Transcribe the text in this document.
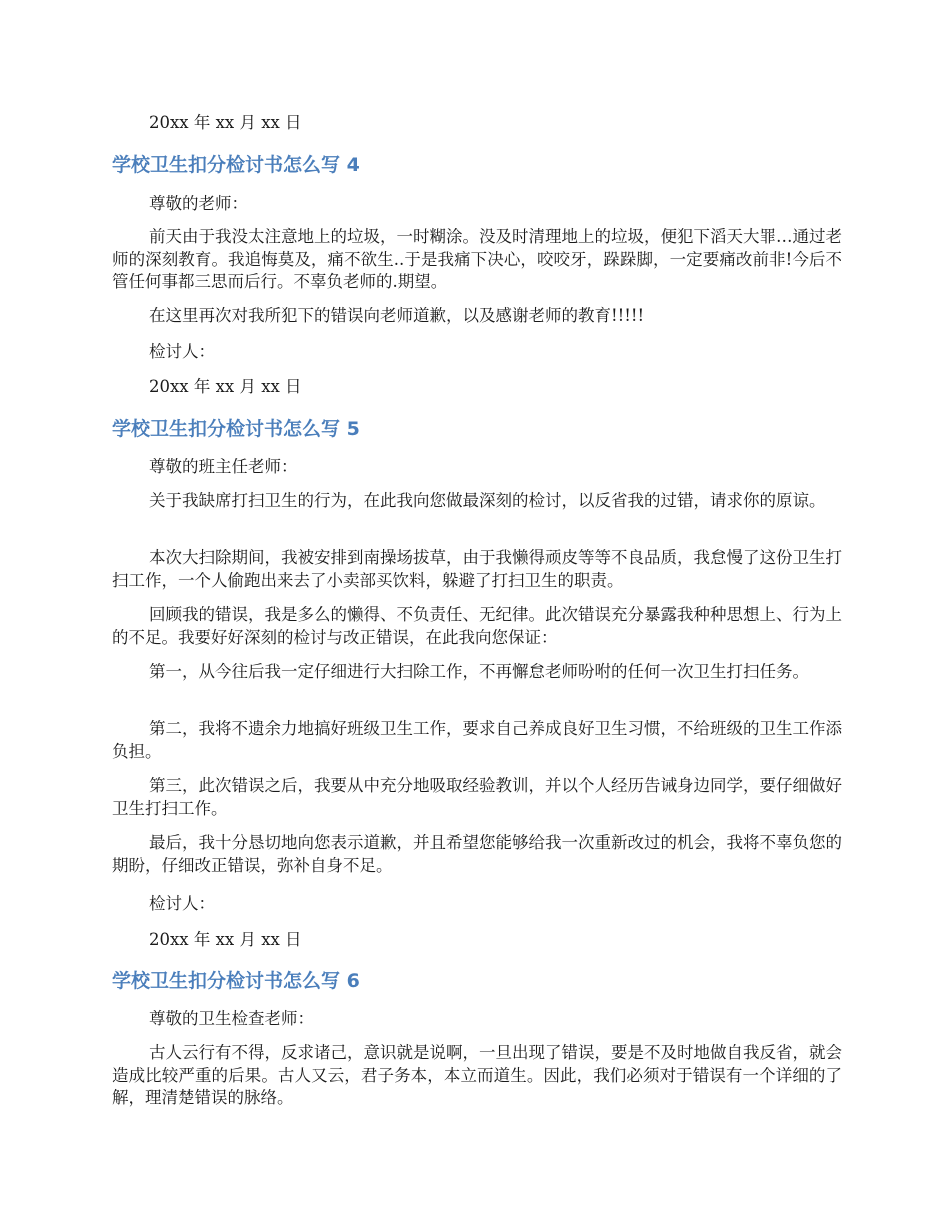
20xx 年 xx 月 xx 日
学校卫生扣分检讨书怎么写 4
尊敬的老师：
前天由于我没太注意地上的垃圾，一时糊涂。没及时清理地上的垃圾，便犯下滔天大罪…通过老师的深刻教育。我追悔莫及，痛不欲生..于是我痛下决心，咬咬牙，跺跺脚，一定要痛改前非!今后不管任何事都三思而后行。不辜负老师的.期望。
在这里再次对我所犯下的错误向老师道歉，以及感谢老师的教育!!!!!
检讨人：
20xx 年 xx 月 xx 日
学校卫生扣分检讨书怎么写 5
尊敬的班主任老师：
关于我缺席打扫卫生的行为，在此我向您做最深刻的检讨，以反省我的过错，请求你的原谅。
本次大扫除期间，我被安排到南操场拔草，由于我懒得顽皮等等不良品质，我怠慢了这份卫生打扫工作，一个人偷跑出来去了小卖部买饮料，躲避了打扫卫生的职责。
回顾我的错误，我是多么的懒得、不负责任、无纪律。此次错误充分暴露我种种思想上、行为上的不足。我要好好深刻的检讨与改正错误，在此我向您保证：
第一，从今往后我一定仔细进行大扫除工作，不再懈怠老师吩咐的任何一次卫生打扫任务。
第二，我将不遗余力地搞好班级卫生工作，要求自己养成良好卫生习惯，不给班级的卫生工作添负担。
第三，此次错误之后，我要从中充分地吸取经验教训，并以个人经历告诫身边同学，要仔细做好卫生打扫工作。
最后，我十分恳切地向您表示道歉，并且希望您能够给我一次重新改过的机会，我将不辜负您的期盼，仔细改正错误，弥补自身不足。
检讨人：
20xx 年 xx 月 xx 日
学校卫生扣分检讨书怎么写 6
尊敬的卫生检查老师：
古人云行有不得，反求诸己，意识就是说啊，一旦出现了错误，要是不及时地做自我反省，就会造成比较严重的后果。古人又云，君子务本，本立而道生。因此，我们必须对于错误有一个详细的了解，理清楚错误的脉络。
